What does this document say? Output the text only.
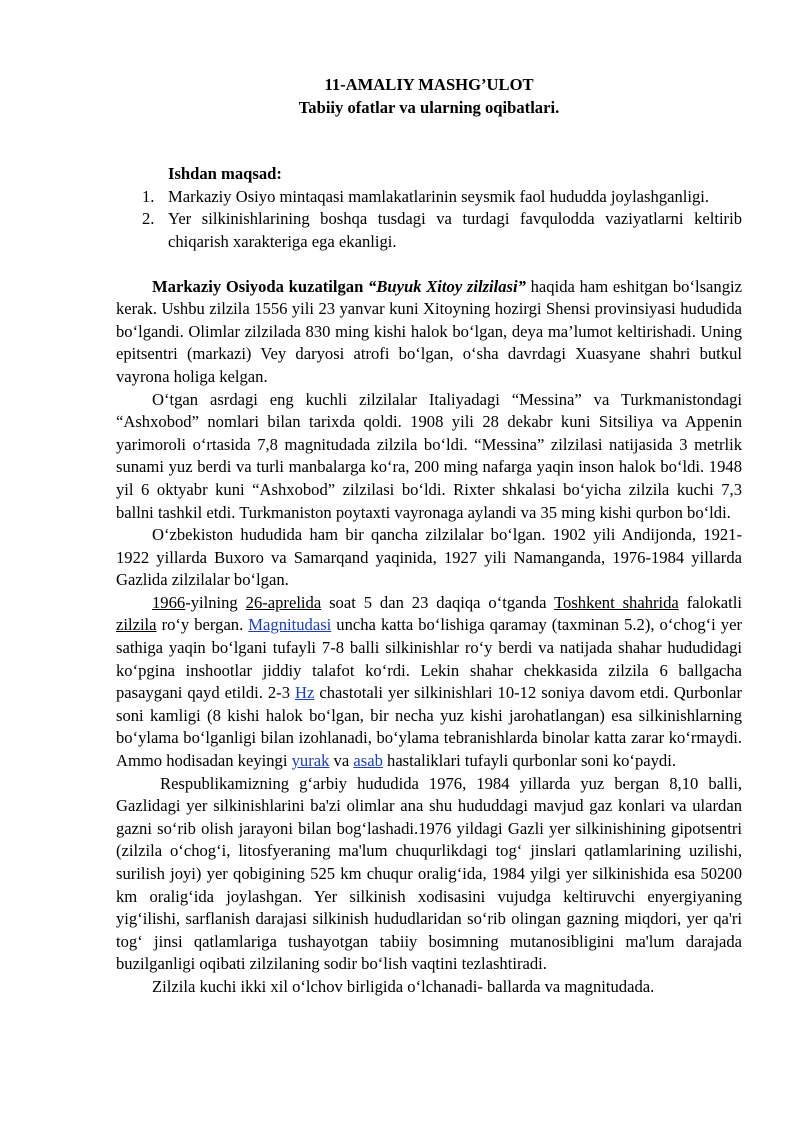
11-AMALIY MASHG’ULOT
Tabiiy ofatlar va ularning oqibatlari.
Ishdan maqsad:
1. Markaziy Osiyo mintaqasi mamlakatlarinin seysmik faol hududda joylashganligi.
2. Yer silkinishlarining boshqa tusdagi va turdagi favqulodda vaziyatlarni keltirib chiqarish xarakteriga ega ekanligi.

Markaziy Osiyoda kuzatilgan “Buyuk Xitoy zilzilasi” haqida ham eshitgan bo‘lsangiz kerak. Ushbu zilzila 1556 yili 23 yanvar kuni Xitoyning hozirgi Shensi provinsiyasi hududida bo‘lgandi. Olimlar zilzilada 830 ming kishi halok bo‘lgan, deya ma’lumot keltirishadi. Uning epitsentri (markazi) Vey daryosi atrofi bo‘lgan, o‘sha davrdagi Xuasyane shahri butkul vayrona holiga kelgan.

O‘tgan asrdagi eng kuchli zilzilalar Italiyadagi “Messina” va Turkmanistondagi “Ashxobod” nomlari bilan tarixda qoldi. 1908 yili 28 dekabr kuni Sitsiliya va Appenin yarimoroli o‘rtasida 7,8 magnitudada zilzila bo‘ldi. “Messina” zilzilasi natijasida 3 metrlik sunami yuz berdi va turli manbalarga ko‘ra, 200 ming nafarga yaqin inson halok bo‘ldi. 1948 yil 6 oktyabr kuni “Ashxobod” zilzilasi bo‘ldi. Rixter shkalasi bo‘yicha zilzila kuchi 7,3 ballni tashkil etdi. Turkmaniston poytaxti vayronaga aylandi va 35 ming kishi qurbon bo‘ldi.

O‘zbekiston hududida ham bir qancha zilzilalar bo‘lgan. 1902 yili Andijonda, 1921-1922 yillarda Buxoro va Samarqand yaqinida, 1927 yili Namanganda, 1976-1984 yillarda Gazlida zilzilalar bo‘lgan.

1966-yilning 26-aprelida soat 5 dan 23 daqiqa o‘tganda Toshkent shahrida falokatli zilzila ro‘y bergan. Magnitudasi uncha katta bo‘lishiga qaramay (taxminan 5.2), o‘chog‘i yer sathiga yaqin bo‘lgani tufayli 7-8 balli silkinishlar ro‘y berdi va natijada shahar hududidagi ko‘pgina inshootlar jiddiy talafot ko‘rdi. Lekin shahar chekkasida zilzila 6 ballgacha pasaygani qayd etildi. 2-3 Hz chastotali yer silkinishlari 10-12 soniya davom etdi. Qurbonlar soni kamligi (8 kishi halok bo‘lgan, bir necha yuz kishi jarohatlangan) esa silkinishlarning bo‘ylama bo‘lganligi bilan izohlanadi, bo‘ylama tebranishlarda binolar katta zarar ko‘rmaydi. Ammo hodisadan keyingi yurak va asab hastaliklari tufayli qurbonlar soni ko‘paydi.

Respublikamizning g‘arbiy hududida 1976, 1984 yillarda yuz bergan 8,10 balli, Gazlidagi yer silkinishlarini ba'zi olimlar ana shu hududdagi mavjud gaz konlari va ulardan gazni so‘rib olish jarayoni bilan bog‘lashadi.1976 yildagi Gazli yer silkinishining gipotsentri (zilzila o‘chog‘i, litosfyeraning ma'lum chuqurlikdagi tog‘ jinslari qatlamlarining uzilishi, surilish joyi) yer qobigining 525 km chuqur oralig‘ida, 1984 yilgi yer silkinishida esa 50200 km oralig‘ida joylashgan. Yer silkinish xodisasini vujudga keltiruvchi enyergiyaning yig‘ilishi, sarflanish darajasi silkinish hududlaridan so‘rib olingan gazning miqdori, yer qa'ri tog‘ jinsi qatlamlariga tushayotgan tabiiy bosimning mutanosibligini ma'lum darajada buzilganligi oqibati zilzilaning sodir bo‘lish vaqtini tezlashtiradi.

Zilzila kuchi ikki xil o‘lchov birligida o‘lchanadi- ballarda va magnitudada.
